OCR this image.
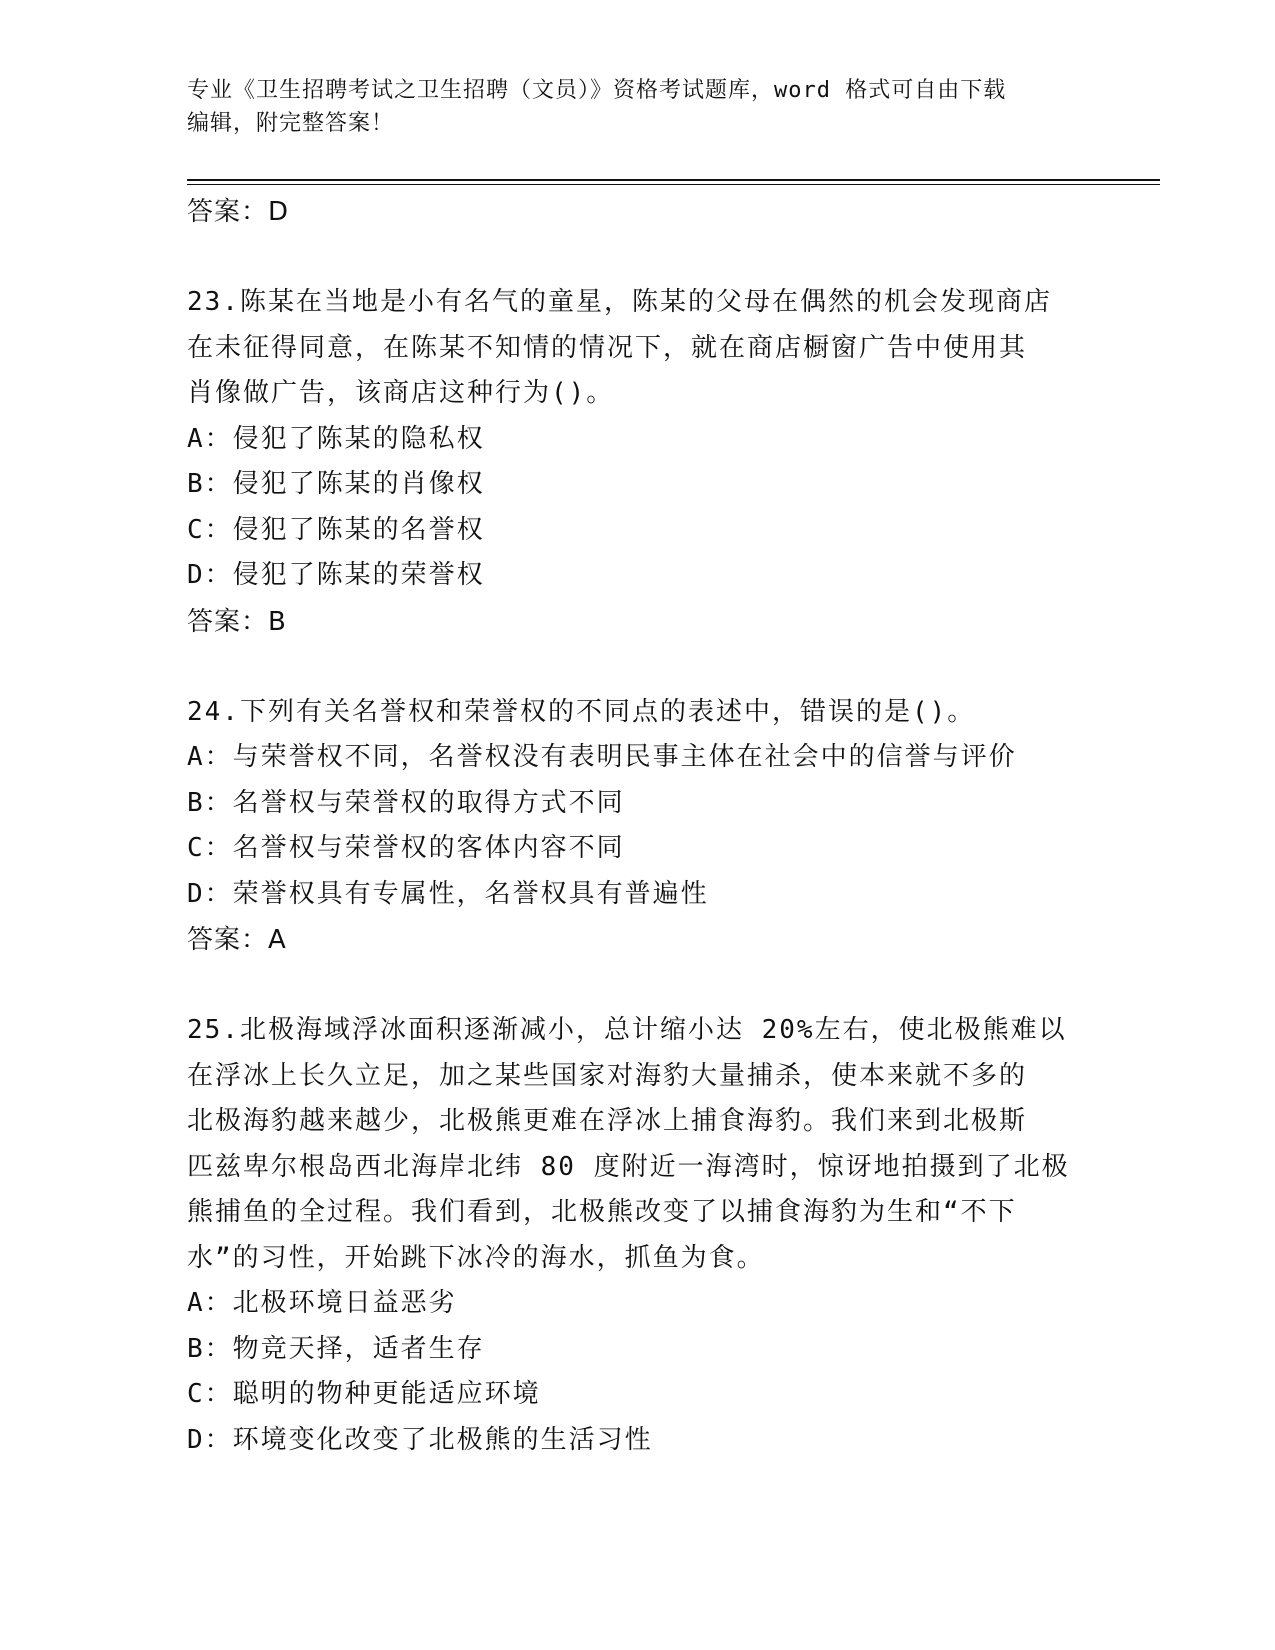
专业《卫生招聘考试之卫生招聘（文员）》资格考试题库，word 格式可自由下载
编辑，附完整答案！
答案：D
23.陈某在当地是小有名气的童星，陈某的父母在偶然的机会发现商店
在未征得同意，在陈某不知情的情况下，就在商店橱窗广告中使用其
肖像做广告，该商店这种行为()。
A：侵犯了陈某的隐私权
B：侵犯了陈某的肖像权
C：侵犯了陈某的名誉权
D：侵犯了陈某的荣誉权
答案：B
24.下列有关名誉权和荣誉权的不同点的表述中，错误的是()。
A：与荣誉权不同，名誉权没有表明民事主体在社会中的信誉与评价
B：名誉权与荣誉权的取得方式不同
C：名誉权与荣誉权的客体内容不同
D：荣誉权具有专属性，名誉权具有普遍性
答案：A
25.北极海域浮冰面积逐渐减小，总计缩小达 20%左右，使北极熊难以
在浮冰上长久立足，加之某些国家对海豹大量捕杀，使本来就不多的
北极海豹越来越少，北极熊更难在浮冰上捕食海豹。我们来到北极斯
匹兹卑尔根岛西北海岸北纬 80 度附近一海湾时，惊讶地拍摄到了北极
熊捕鱼的全过程。我们看到，北极熊改变了以捕食海豹为生和“不下
水”的习性，开始跳下冰冷的海水，抓鱼为食。
A：北极环境日益恶劣
B：物竞天择，适者生存
C：聪明的物种更能适应环境
D：环境变化改变了北极熊的生活习性
